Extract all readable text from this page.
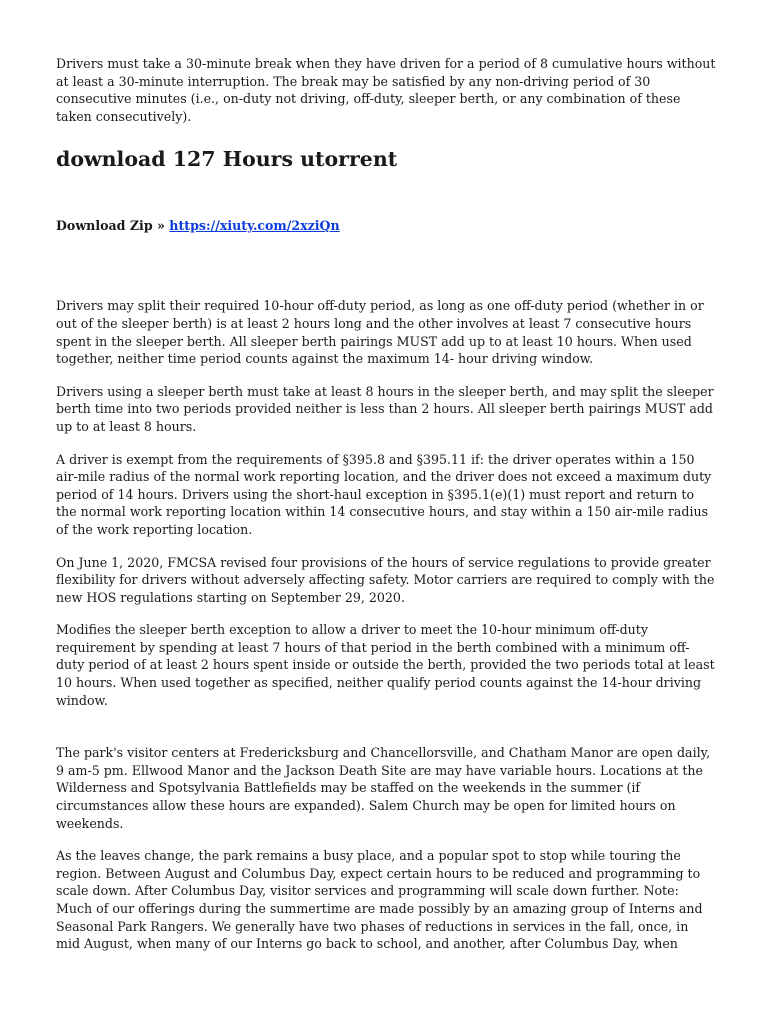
Drivers must take a 30-minute break when they have driven for a period of 8 cumulative hours without at least a 30-minute interruption. The break may be satisfied by any non-driving period of 30 consecutive minutes (i.e., on-duty not driving, off-duty, sleeper berth, or any combination of these taken consecutively).

download 127 Hours utorrent
Download Zip » https://xiuty.com/2xziQn

Drivers may split their required 10-hour off-duty period, as long as one off-duty period (whether in or out of the sleeper berth) is at least 2 hours long and the other involves at least 7 consecutive hours spent in the sleeper berth. All sleeper berth pairings MUST add up to at least 10 hours. When used together, neither time period counts against the maximum 14- hour driving window.

Drivers using a sleeper berth must take at least 8 hours in the sleeper berth, and may split the sleeper berth time into two periods provided neither is less than 2 hours. All sleeper berth pairings MUST add up to at least 8 hours.

A driver is exempt from the requirements of §395.8 and §395.11 if: the driver operates within a 150 air-mile radius of the normal work reporting location, and the driver does not exceed a maximum duty period of 14 hours. Drivers using the short-haul exception in §395.1(e)(1) must report and return to the normal work reporting location within 14 consecutive hours, and stay within a 150 air-mile radius of the work reporting location.

On June 1, 2020, FMCSA revised four provisions of the hours of service regulations to provide greater flexibility for drivers without adversely affecting safety. Motor carriers are required to comply with the new HOS regulations starting on September 29, 2020.

Modifies the sleeper berth exception to allow a driver to meet the 10-hour minimum off-duty requirement by spending at least 7 hours of that period in the berth combined with a minimum off-duty period of at least 2 hours spent inside or outside the berth, provided the two periods total at least 10 hours. When used together as specified, neither qualify period counts against the 14-hour driving window.

The park's visitor centers at Fredericksburg and Chancellorsville, and Chatham Manor are open daily, 9 am-5 pm. Ellwood Manor and the Jackson Death Site are may have variable hours. Locations at the Wilderness and Spotsylvania Battlefields may be staffed on the weekends in the summer (if circumstances allow these hours are expanded). Salem Church may be open for limited hours on weekends.

As the leaves change, the park remains a busy place, and a popular spot to stop while touring the region. Between August and Columbus Day, expect certain hours to be reduced and programming to scale down. After Columbus Day, visitor services and programming will scale down further. Note: Much of our offerings during the summertime are made possibly by an amazing group of Interns and Seasonal Park Rangers. We generally have two phases of reductions in services in the fall, once, in mid August, when many of our Interns go back to school, and another, after Columbus Day, when
